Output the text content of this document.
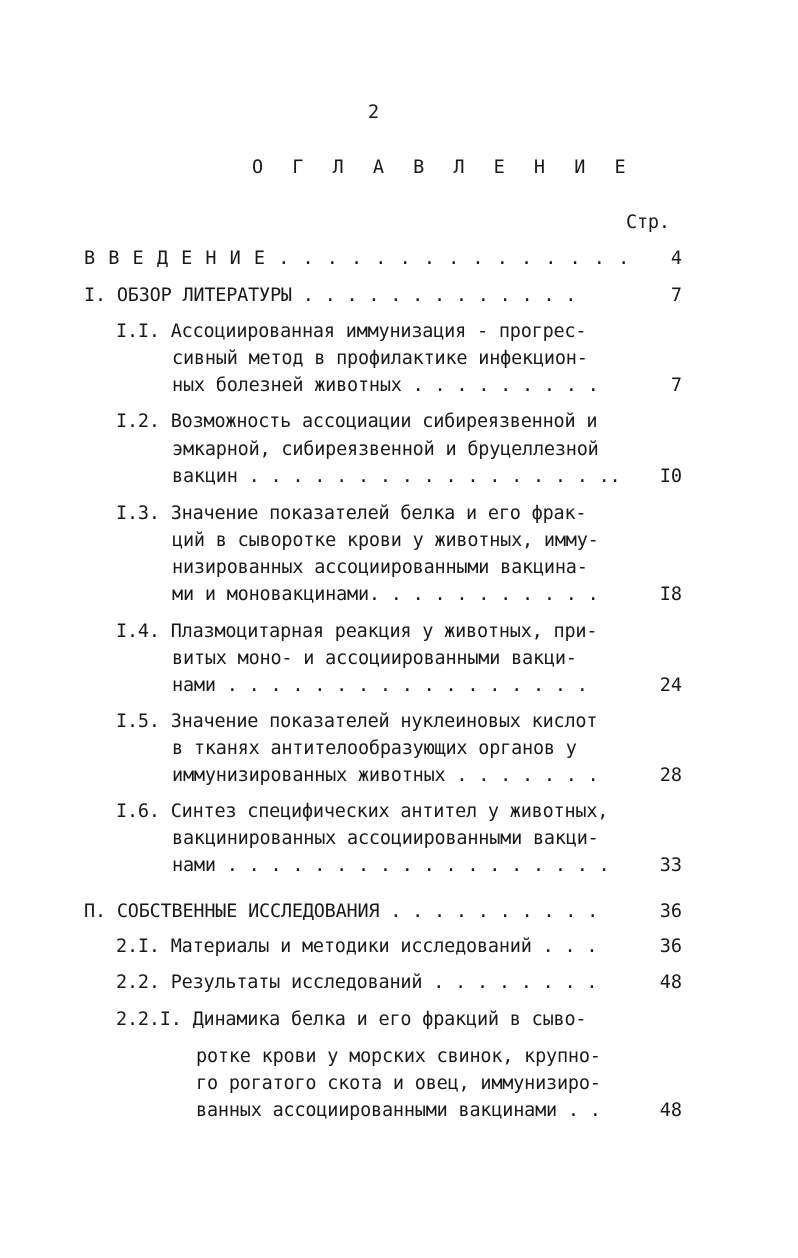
2
О Г Л А В Л Е Н И Е
Стр.
В В Е Д Е Н И Е . . . . . . . . . . . . . . .	4
I. ОБЗОР ЛИТЕРАТУРЫ . . . . . . . . . . . . .	7
I.I. Ассоциированная иммунизация - прогрес-
сивный метод в профилактике инфекцион-
ных болезней животных . . . . . . . . .	7
I.2. Возможность ассоциации сибиреязвенной и
эмкарной, сибиреязвенной и бруцеллезной
вакцин . . . . . . . . . . . . . . . . ..	I0
I.3. Значение показателей белка и его фрак-
ций в сыворотке крови у животных, имму-
низированных ассоциированными вакцина-
ми и моновакцинами. . . . . . . . . . .	I8
I.4. Плазмоцитарная реакция у животных, при-
витых моно- и ассоциированными вакци-
нами . . . . . . . . . . . . . . . . .	24
I.5. Значение показателей нуклеиновых кислот
в тканях антителообразующих органов у
иммунизированных животных . . . . . . .	28
I.6. Синтез специфических антител у животных,
вакцинированных ассоциированными вакци-
нами . . . . . . . . . . . . . . . . . .	33
П. СОБСТВЕННЫЕ ИССЛЕДОВАНИЯ . . . . . . . . . .	36
2.I. Материалы и методики исследований . . .	36
2.2. Результаты исследований . . . . . . . .	48
2.2.I. Динамика белка и его фракций в сыво-
ротке крови у морских свинок, крупно-
го рогатого скота и овец, иммунизиро-
ванных ассоциированными вакцинами . .	48
